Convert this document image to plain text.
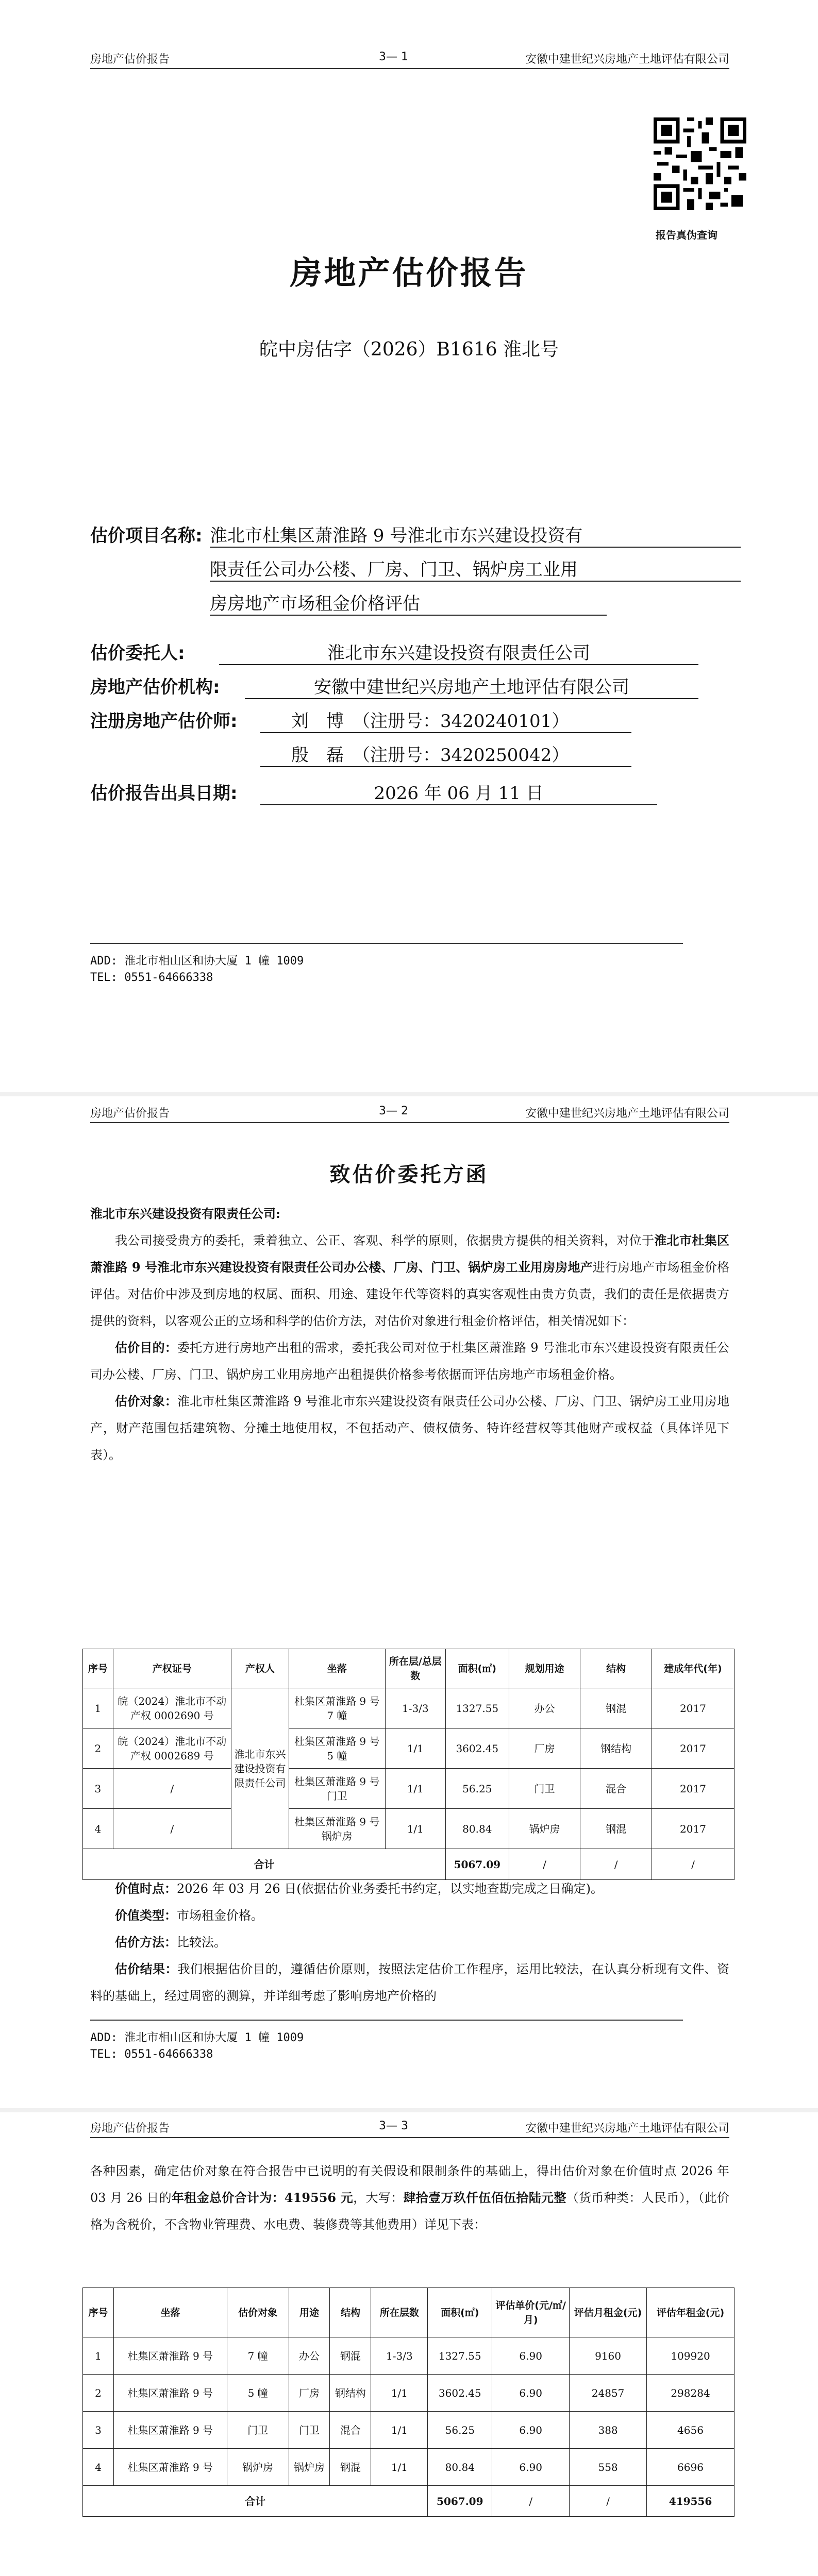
房地产估价报告	3— 1	安徽中建世纪兴房地产土地评估有限公司
报告真伪查询
房地产估价报告
皖中房估字（2026）B1616 淮北号
估价项目名称: 淮北市杜集区萧淮路 9 号淮北市东兴建设投资有
限责任公司办公楼、厂房、门卫、锅炉房工业用
房房地产市场租金价格评估
估价委托人:	淮北市东兴建设投资有限责任公司
房地产估价机构:	安徽中建世纪兴房地产土地评估有限公司
注册房地产估价师:	刘　博　（注册号：3420240101）
殷　磊　（注册号：3420250042）
估价报告出具日期:	2026 年 06 月 11 日
ADD: 淮北市相山区和协大厦 1 幢 1009
TEL: 0551-64666338
房地产估价报告	3— 2	安徽中建世纪兴房地产土地评估有限公司
致估价委托方函

淮北市东兴建设投资有限责任公司:

我公司接受贵方的委托，秉着独立、公正、客观、科学的原则，依据贵方提供的相关资料，对位于淮北市杜集区萧淮路 9 号淮北市东兴建设投资有限责任公司办公楼、厂房、门卫、锅炉房工业用房房地产进行房地产市场租金价格评估。对估价中涉及到房地的权属、面积、用途、建设年代等资料的真实客观性由贵方负责，我们的责任是依据贵方提供的资料，以客观公正的立场和科学的估价方法，对估价对象进行租金价格评估，相关情况如下：

估价目的：委托方进行房地产出租的需求，委托我公司对位于杜集区萧淮路 9 号淮北市东兴建设投资有限责任公司办公楼、厂房、门卫、锅炉房工业用房地产出租提供价格参考依据而评估房地产市场租金价格。

估价对象：淮北市杜集区萧淮路 9 号淮北市东兴建设投资有限责任公司办公楼、厂房、门卫、锅炉房工业用房地产，财产范围包括建筑物、分摊土地使用权，不包括动产、债权债务、特许经营权等其他财产或权益（具体详见下表）。

序号	产权证号	产权人	坐落	所在层/总层数	面积(㎡)	规划用途	结构	建成年代(年)
1	皖（2024）淮北市不动产权 0002690 号	淮北市东兴建设投资有限责任公司	杜集区萧淮路 9 号 7 幢	1-3/3	1327.55	办公	钢混	2017
2	皖（2024）淮北市不动产权 0002689 号		杜集区萧淮路 9 号 5 幢	1/1	3602.45	厂房	钢结构	2017
3	/		杜集区萧淮路 9 号门卫	1/1	56.25	门卫	混合	2017
4	/		杜集区萧淮路 9 号锅炉房	1/1	80.84	锅炉房	钢混	2017
合计					5067.09	/	/	/

价值时点：2026 年 03 月 26 日(依据估价业务委托书约定，以实地查勘完成之日确定)。

价值类型：市场租金价格。

估价方法：比较法。

估价结果：我们根据估价目的，遵循估价原则，按照法定估价工作程序，运用比较法，在认真分析现有文件、资料的基础上，经过周密的测算，并详细考虑了影响房地产价格的

ADD: 淮北市相山区和协大厦 1 幢 1009
TEL: 0551-64666338
房地产估价报告	3— 3	安徽中建世纪兴房地产土地评估有限公司

各种因素，确定估价对象在符合报告中已说明的有关假设和限制条件的基础上，得出估价对象在价值时点 2026 年 03 月 26 日的年租金总价合计为：419556 元，大写：肆拾壹万玖仟伍佰伍拾陆元整（货币种类：人民币），（此价格为含税价，不含物业管理费、水电费、装修费等其他费用）详见下表：

序号	坐落	估价对象	用途	结构	所在层数	面积(㎡)	评估单价(元/㎡/月)	评估月租金(元)	评估年租金(元)
1	杜集区萧淮路 9 号	7 幢	办公	钢混	1-3/3	1327.55	6.90	9160	109920
2	杜集区萧淮路 9 号	5 幢	厂房	钢结构	1/1	3602.45	6.90	24857	298284
3	杜集区萧淮路 9 号	门卫	门卫	混合	1/1	56.25	6.90	388	4656
4	杜集区萧淮路 9 号	锅炉房	锅炉房	钢混	1/1	80.84	6.90	558	6696
合计						5067.09	/	/	419556
